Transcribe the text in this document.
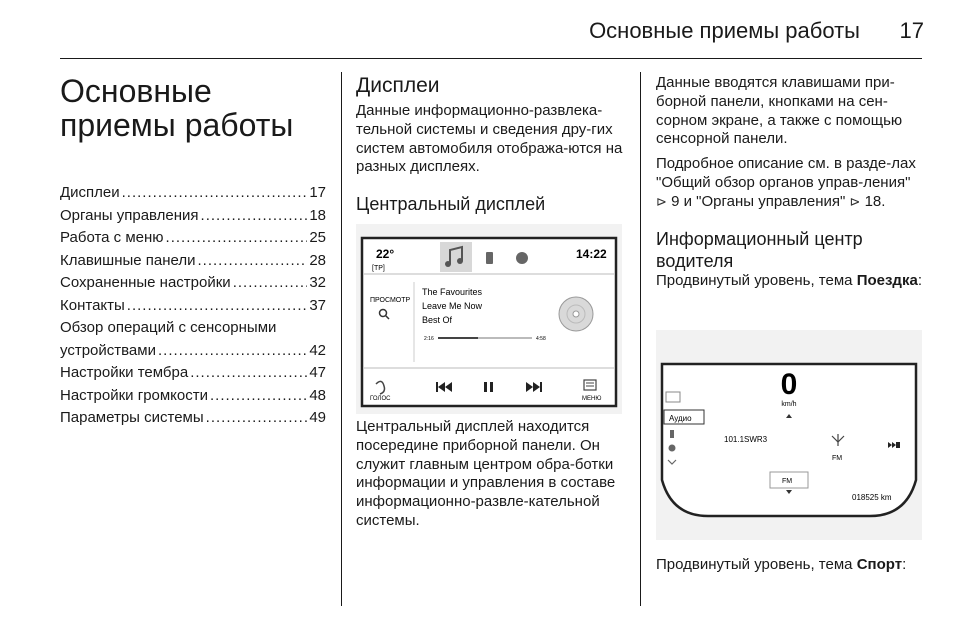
Основные приемы работы	17
Основные приемы работы
Дисплеи .....	17
Органы управления .....	18
Работа с меню .....	25
Клавишные панели .....	28
Сохраненные настройки .....	32
Контакты .....	37
Обзор операций с сенсорными
устройствами .....	42
Настройки тембра .....	47
Настройки громкости .....	48
Параметры системы .....	49
Дисплеи

Данные информационно-развлека-тельной системы и сведения дру-гих систем автомобиля отобража-ются на разных дисплеях.

Центральный дисплей
22°
[TP]
14:22
ПРОСМОТР
The Favourites
Leave Me Now
Best Of
2:16	4:58
ГОЛОС	МЕНЮ

Центральный дисплей находится посередине приборной панели. Он служит главным центром обра-ботки информации и управления в составе информационно-развле-кательной системы.

Данные вводятся клавишами при-борной панели, кнопками на сен-сорном экране, а также с помощью сенсорной панели.

Подробное описание см. в разде-лах "Общий обзор органов управ-ления" ⊳ 9 и "Органы управления" ⊳ 18.

Информационный центр водителя

Продвинутый уровень, тема Поездка:

0
km/h
Аудио
101.1SWR3
FM
FM
018525 km

Продвинутый уровень, тема Спорт:
